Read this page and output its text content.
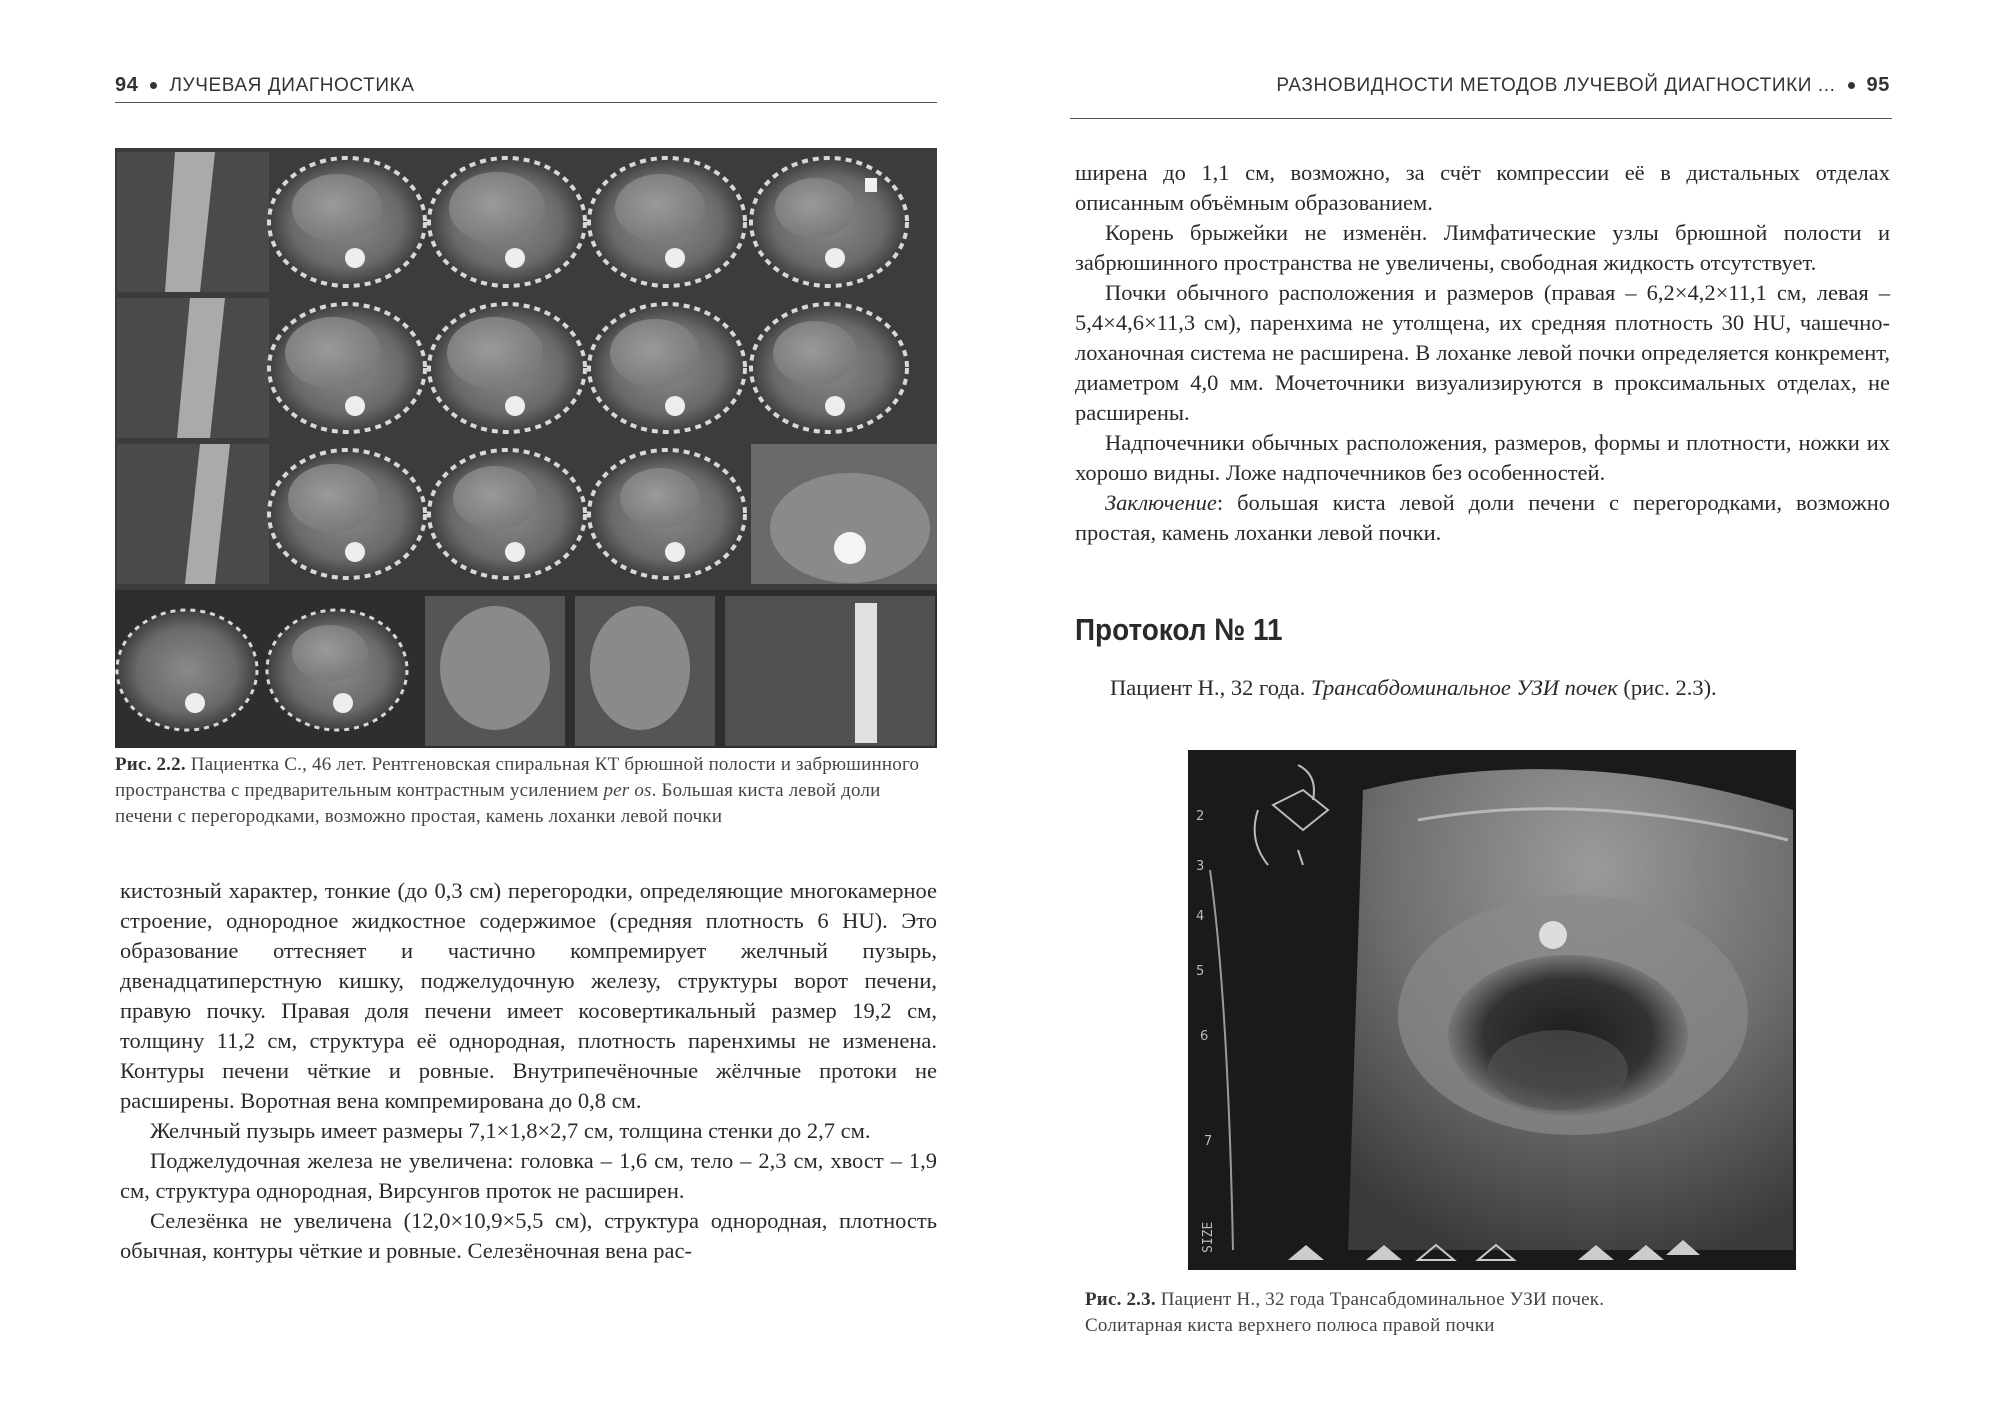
94 ЛУЧЕВАЯ ДИАГНОСТИКА
Рис. 2.2. Пациентка С., 46 лет. Рентгеновская спиральная КТ брюшной полости и забрюшинного пространства с предварительным контрастным усилением per os. Большая киста левой доли печени с перегородками, возможно простая, камень лоханки левой почки

кистозный характер, тонкие (до 0,3 см) перегородки, определяющие многокамерное строение, однородное жидкостное содержимое (средняя плотность 6 HU). Это образование оттесняет и частично компремирует желчный пузырь, двенадцатиперстную кишку, поджелудочную железу, структуры ворот печени, правую почку. Правая доля печени имеет косовертикальный размер 19,2 см, толщину 11,2 см, структура её однородная, плотность паренхимы не изменена. Контуры печени чёткие и ровные. Внутрипечёночные жёлчные протоки не расширены. Воротная вена компремирована до 0,8 см.

Желчный пузырь имеет размеры 7,1×1,8×2,7 см, толщина стенки до 2,7 см.

Поджелудочная железа не увеличена: головка – 1,6 см, тело – 2,3 см, хвост – 1,9 см, структура однородная, Вирсунгов проток не расширен.

Селезёнка не увеличена (12,0×10,9×5,5 см), структура однородная, плотность обычная, контуры чёткие и ровные. Селезёночная вена рас-

РАЗНОВИДНОСТИ МЕТОДОВ ЛУЧЕВОЙ ДИАГНОСТИКИ ... 95

ширена до 1,1 см, возможно, за счёт компрессии её в дистальных отделах описанным объёмным образованием.

Корень брыжейки не изменён. Лимфатические узлы брюшной полости и забрюшинного пространства не увеличены, свободная жидкость отсутствует.

Почки обычного расположения и размеров (правая – 6,2×4,2×11,1 см, левая – 5,4×4,6×11,3 см), паренхима не утолщена, их средняя плотность 30 HU, чашечно-лоханочная система не расширена. В лоханке левой почки определяется конкремент, диаметром 4,0 мм. Мочеточники визуализируются в проксимальных отделах, не расширены.

Надпочечники обычных расположения, размеров, формы и плотности, ножки их хорошо видны. Ложе надпочечников без особенностей.

Заключение: большая киста левой доли печени с перегородками, возможно простая, камень лоханки левой почки.

Протокол № 11
Пациент Н., 32 года. Трансабдоминальное УЗИ почек (рис. 2.3).
2
3
4
5
6
7
SIZE
Рис. 2.3. Пациент Н., 32 года Трансабдоминальное УЗИ почек.
Солитарная киста верхнего полюса правой почки
